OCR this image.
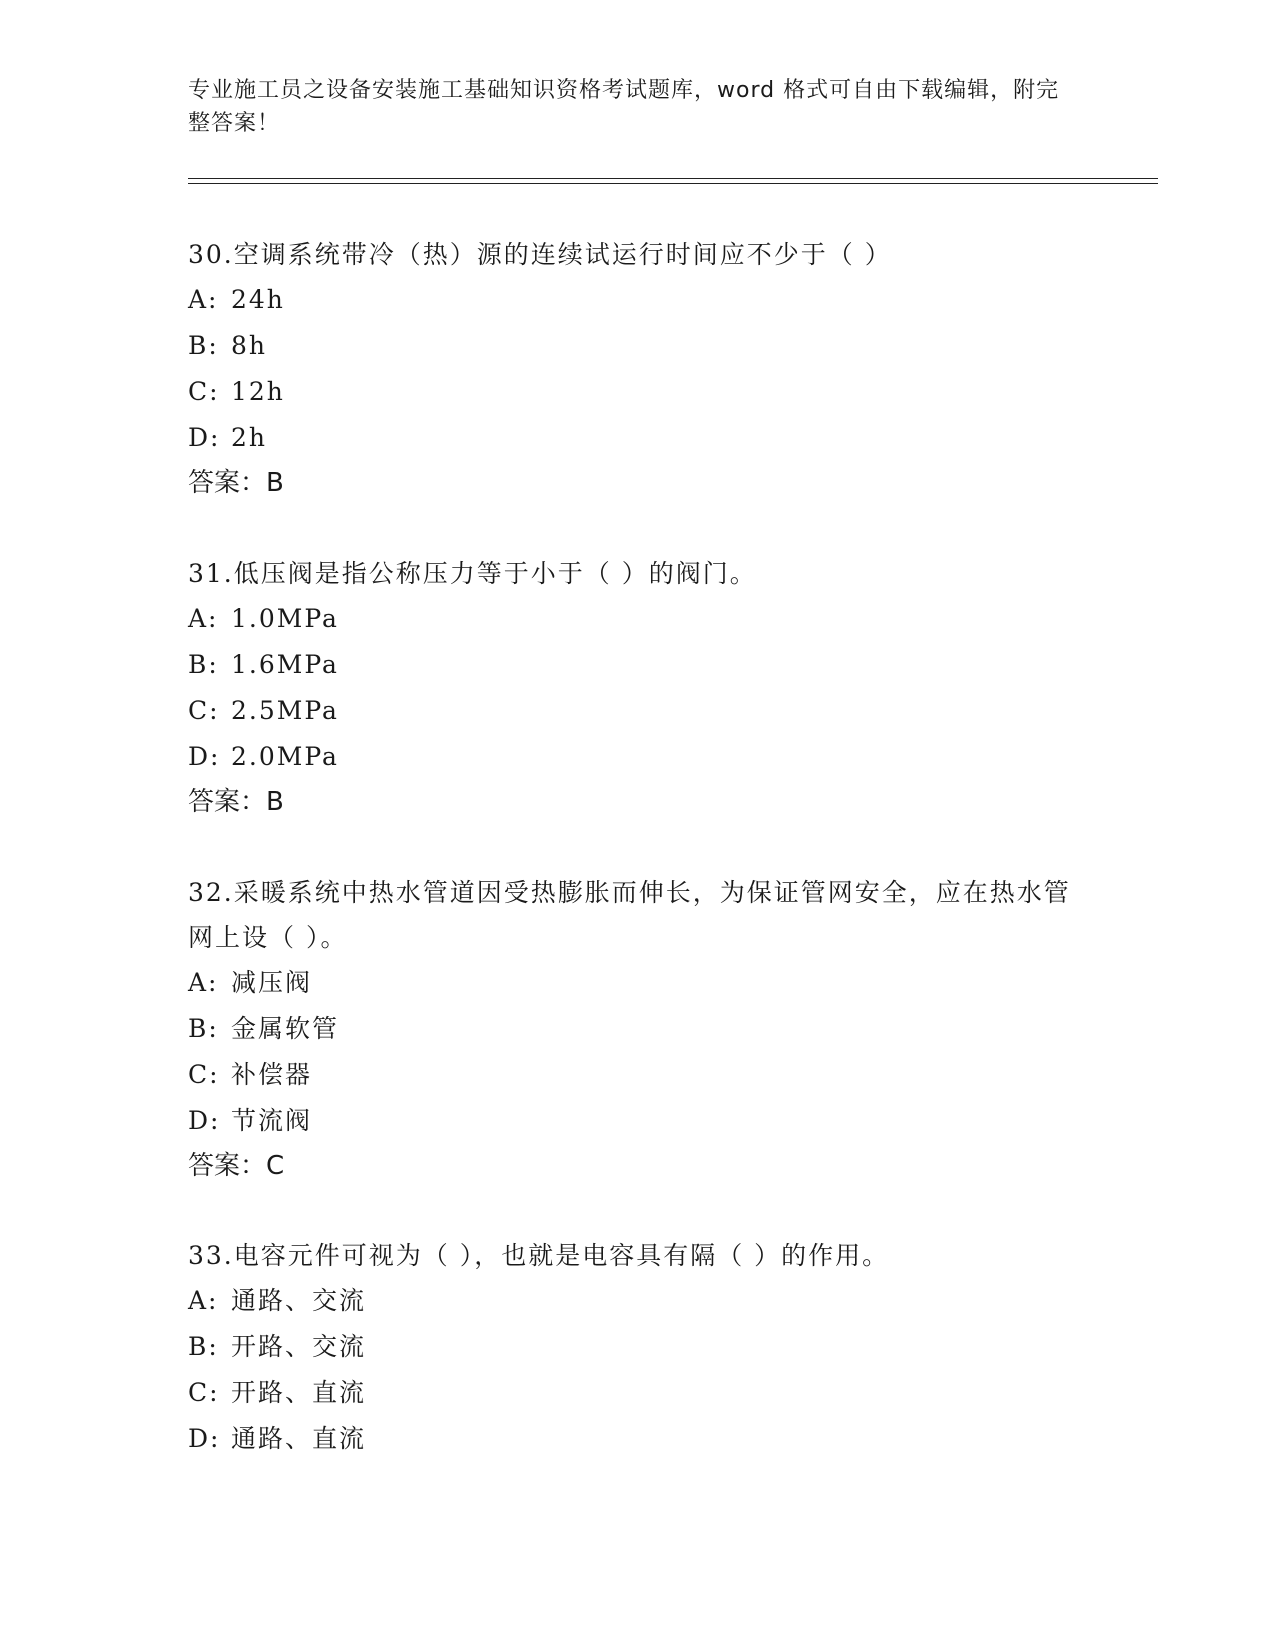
专业施工员之设备安装施工基础知识资格考试题库，word 格式可自由下载编辑，附完整答案！

30.空调系统带冷（热）源的连续试运行时间应不少于（ ）

A: 24h

B: 8h

C: 12h

D: 2h

答案：B

31.低压阀是指公称压力等于小于（ ）的阀门。

A: 1.0MPa

B: 1.6MPa

C: 2.5MPa

D: 2.0MPa

答案：B

32.采暖系统中热水管道因受热膨胀而伸长，为保证管网安全，应在热水管网上设（ ）。

A: 减压阀

B: 金属软管

C: 补偿器

D: 节流阀

答案：C

33.电容元件可视为（ ），也就是电容具有隔（ ）的作用。

A: 通路、交流

B: 开路、交流

C: 开路、直流

D: 通路、直流
